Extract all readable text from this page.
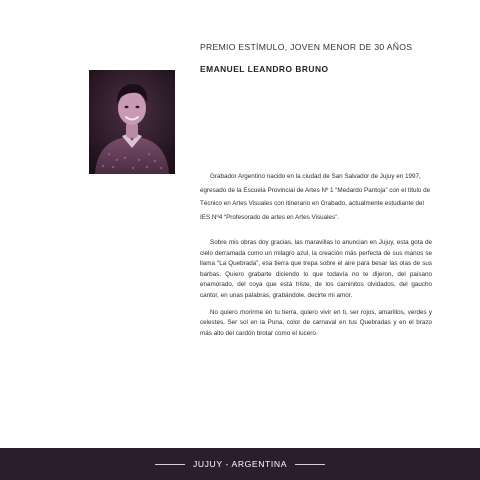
PREMIO ESTÍMULO, JOVEN MENOR DE 30 AÑOS
EMANUEL LEANDRO BRUNO

Grabador Argentino nacido en la ciudad de San Salvador de Jujuy en 1997, egresado de la Escuela Provincial de Artes Nº 1 “Medardo Pantoja” con el título de Técnico en Artes Visuales con itinerario en Grabado, actualmente estudiante del IES Nº4 “Profesorado de artes en Artes Visuales”.

Sobre mis obras doy gracias, las maravillas lo anuncian en Jujuy, esta gota de cielo derramada como un milagro azul, la creación más perfecta de sus manos se llama “La Quebrada”, esa tierra que trepa sobre el aire para besar las olas de sus barbas. Quiero grabarte diciendo lo que todavía no te dijeron, del paisano enamorado, del coya que está triste, de los caminitos olvidados, del gaucho cantor, en unas palabras, grabándole, decirte mi amor.

No quiero morirme en tu tierra, quiero vivir en ti, ser rojos, amarillos, verdes y celestes. Ser sol en la Puna, color de carnaval en tus Quebradas y en el brazo más alto del cardón brotar como el lucero.

JUJUY - ARGENTINA
